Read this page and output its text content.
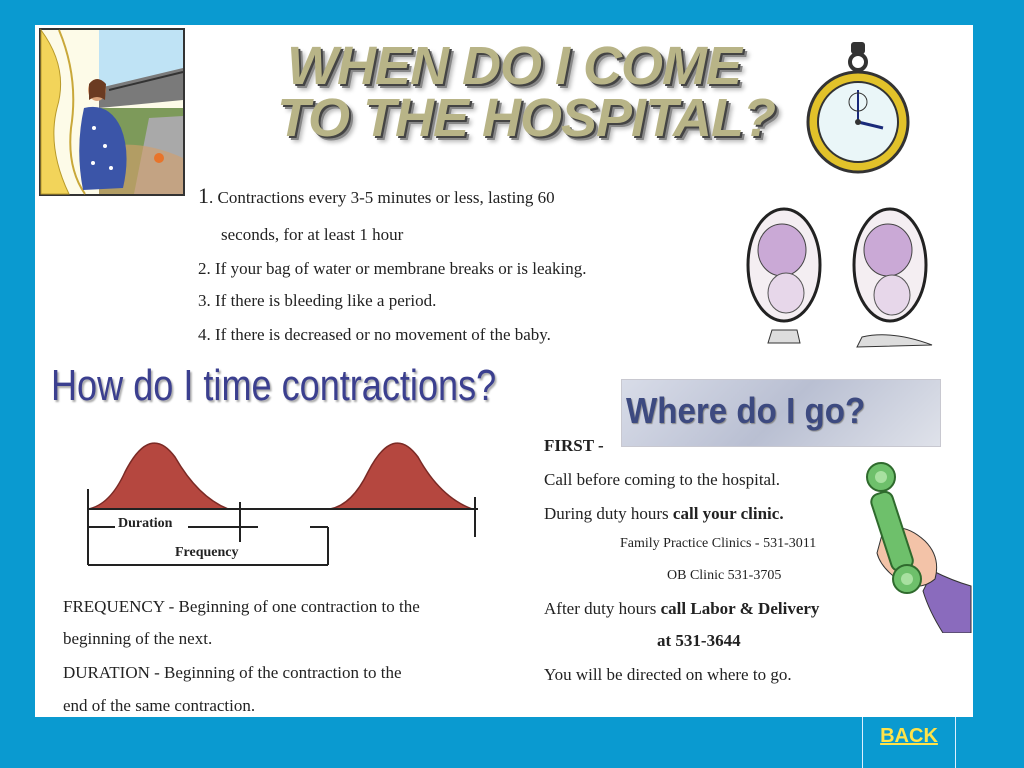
WHEN DO I COME
TO THE HOSPITAL?
1. Contractions every 3-5 minutes or less, lasting 60
seconds, for at least 1 hour
2. If your bag of water or membrane breaks or is leaking.
3. If there is bleeding like a period.
4. If there is decreased or no movement of the baby.
How do I time contractions?
Duration
Frequency
FREQUENCY - Beginning of one contraction to the
beginning of the next.
DURATION - Beginning of the contraction to the
end of the same contraction.
Where do I go?
FIRST -
Call before coming to the hospital.
During duty hours call your clinic.
Family Practice Clinics - 531-3011
OB Clinic 531-3705
After duty hours call Labor & Delivery
at 531-3644
You will be directed on where to go.
BACK
